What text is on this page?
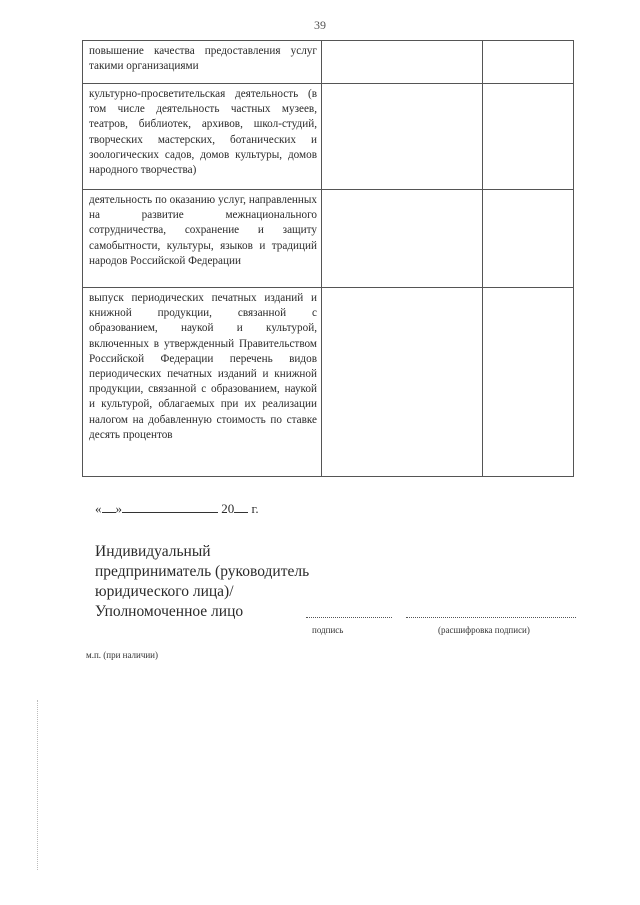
39
повышение качества предоставления услуг такими организациями		

культурно-просветительская деятельность (в том числе деятельность частных музеев, театров, библиотек, архивов, школ-студий, творческих мастерских, ботанических и зоологических садов, домов культуры, домов народного творчества)		

деятельность по оказанию услуг, направленных на развитие межнационального сотрудничества, сохранение и защиту самобытности, культуры, языков и традиций народов Российской Федерации		

выпуск периодических печатных изданий и книжной продукции, связанной с образованием, наукой и культурой, включенных в утвержденный Правительством Российской Федерации перечень видов периодических печатных изданий и книжной продукции, связанной с образованием, наукой и культурой, облагаемых при их реализации налогом на добавленную стоимость по ставке десять процентов		

« »	20 г.
Индивидуальный предприниматель (руководитель юридического лица)/Уполномоченное лицо
подпись	(расшифровка подписи)
м.п. (при наличии)
